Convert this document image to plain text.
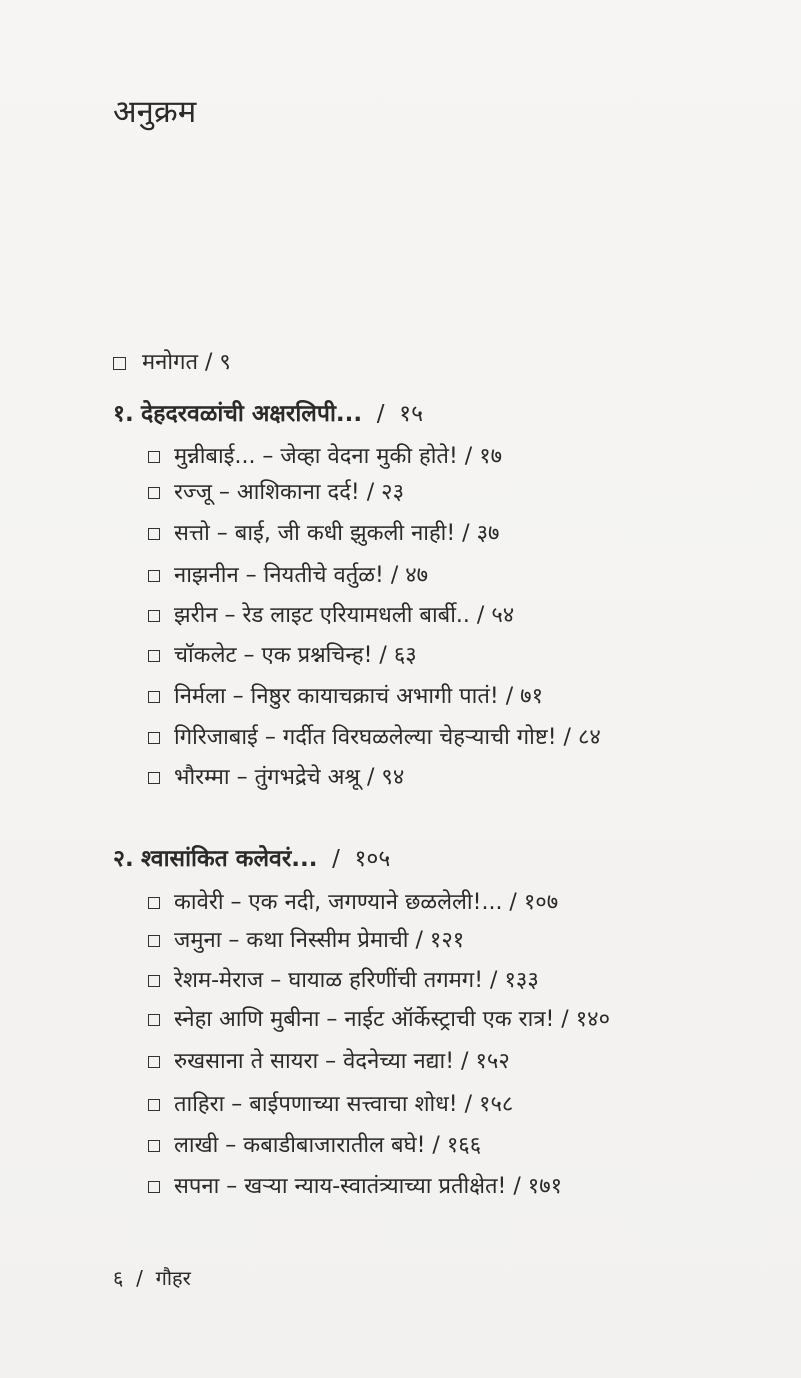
अनुक्रम
मनोगत / ९
१. देहदरवळांची अक्षरलिपी...  /  १५
मुन्नीबाई... – जेव्हा वेदना मुकी होते! / १७
रज्जू – आशिकाना दर्द! / २३
सत्तो – बाई, जी कधी झुकली नाही! / ३७
नाझनीन – नियतीचे वर्तुळ! / ४७
झरीन – रेड लाइट एरियामधली बार्बी.. / ५४
चॉकलेट – एक प्रश्नचिन्ह! / ६३
निर्मला – निष्ठुर कायाचक्राचं अभागी पातं! / ७१
गिरिजाबाई – गर्दीत विरघळलेल्या चेहऱ्याची गोष्ट! / ८४
भौरम्मा – तुंगभद्रेचे अश्रू / ९४
२. श्वासांकित कलेवरं...  /  १०५
कावेरी – एक नदी, जगण्याने छळलेली!... / १०७
जमुना – कथा निस्सीम प्रेमाची / १२१
रेशम-मेराज – घायाळ हरिणींची तगमग! / १३३
स्नेहा आणि मुबीना – नाईट ऑर्केस्ट्राची एक रात्र! / १४०
रुखसाना ते सायरा – वेदनेच्या नद्या! / १५२
ताहिरा – बाईपणाच्या सत्त्वाचा शोध! / १५८
लाखी – कबाडीबाजारातील बघे! / १६६
सपना – खऱ्या न्याय-स्वातंत्र्याच्या प्रतीक्षेत! / १७१
६  /  गौहर
